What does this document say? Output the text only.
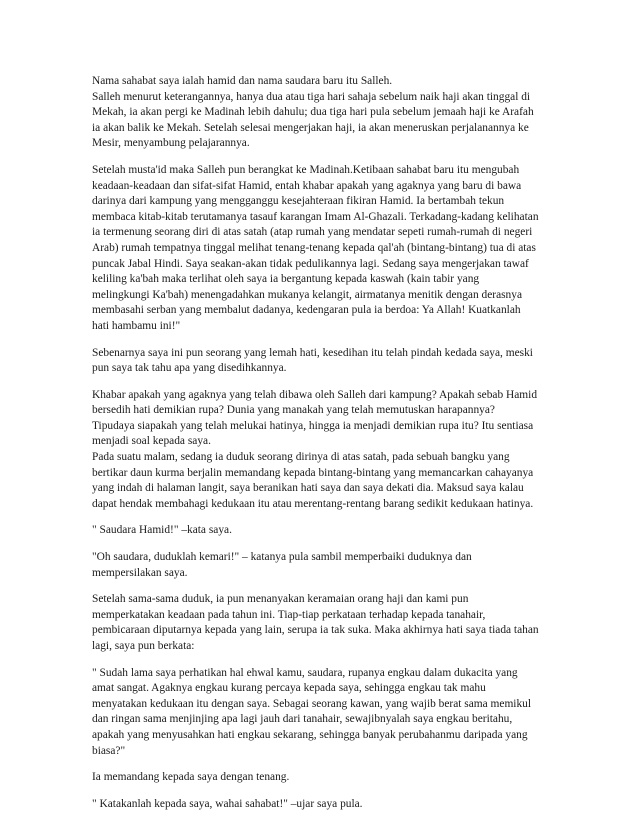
Nama sahabat saya ialah hamid dan nama saudara baru itu Salleh.
Salleh menurut keterangannya, hanya dua atau tiga hari sahaja sebelum naik haji akan tinggal di
Mekah, ia akan pergi ke Madinah lebih dahulu; dua tiga hari pula sebelum jemaah haji ke Arafah
ia akan balik ke Mekah. Setelah selesai mengerjakan haji, ia akan meneruskan perjalanannya ke
Mesir, menyambung pelajarannya.

Setelah musta'id maka Salleh pun berangkat ke Madinah.Ketibaan sahabat baru itu mengubah
keadaan-keadaan dan sifat-sifat Hamid, entah khabar apakah yang agaknya yang baru di bawa
darinya dari kampung yang mengganggu kesejahteraan fikiran Hamid. Ia bertambah tekun
membaca kitab-kitab terutamanya tasauf karangan Imam Al-Ghazali. Terkadang-kadang kelihatan
ia termenung seorang diri di atas satah (atap rumah yang mendatar sepeti rumah-rumah di negeri
Arab) rumah tempatnya tinggal melihat tenang-tenang kepada qal'ah (bintang-bintang) tua di atas
puncak Jabal Hindi. Saya seakan-akan tidak pedulikannya lagi. Sedang saya mengerjakan tawaf
keliling ka'bah maka terlihat oleh saya ia bergantung kepada kaswah (kain tabir yang
melingkungi Ka'bah) menengadahkan mukanya kelangit, airmatanya menitik dengan derasnya
membasahi serban yang membalut dadanya, kedengaran pula ia berdoa: Ya Allah! Kuatkanlah
hati hambamu ini!"

Sebenarnya saya ini pun seorang yang lemah hati, kesedihan itu telah pindah kedada saya, meski
pun saya tak tahu apa yang disedihkannya.

Khabar apakah yang agaknya yang telah dibawa oleh Salleh dari kampung? Apakah sebab Hamid
bersedih hati demikian rupa? Dunia yang manakah yang telah memutuskan harapannya?
Tipudaya siapakah yang telah melukai hatinya, hingga ia menjadi demikian rupa itu? Itu sentiasa
menjadi soal kepada saya.

Pada suatu malam, sedang ia duduk seorang dirinya di atas satah, pada sebuah bangku yang
bertikar daun kurma berjalin memandang kepada bintang-bintang yang memancarkan cahayanya
yang indah di halaman langit, saya beranikan hati saya dan saya dekati dia. Maksud saya kalau
dapat hendak membahagi kedukaan itu atau merentang-rentang barang sedikit kedukaan hatinya.

" Saudara Hamid!" –kata saya.

"Oh saudara, duduklah kemari!" – katanya pula sambil memperbaiki duduknya dan
mempersilakan saya.

Setelah sama-sama duduk, ia pun menanyakan keramaian orang haji dan kami pun
memperkatakan keadaan pada tahun ini. Tiap-tiap perkataan terhadap kepada tanahair,
pembicaraan diputarnya kepada yang lain, serupa ia tak suka. Maka akhirnya hati saya tiada tahan
lagi, saya pun berkata:

" Sudah lama saya perhatikan hal ehwal kamu, saudara, rupanya engkau dalam dukacita yang
amat sangat. Agaknya engkau kurang percaya kepada saya, sehingga engkau tak mahu
menyatakan kedukaan itu dengan saya. Sebagai seorang kawan, yang wajib berat sama memikul
dan ringan sama menjinjing apa lagi jauh dari tanahair, sewajibnyalah saya engkau beritahu,
apakah yang menyusahkan hati engkau sekarang, sehingga banyak perubahanmu daripada yang
biasa?"

Ia memandang kepada saya dengan tenang.

" Katakanlah kepada saya, wahai sahabat!" –ujar saya pula.
